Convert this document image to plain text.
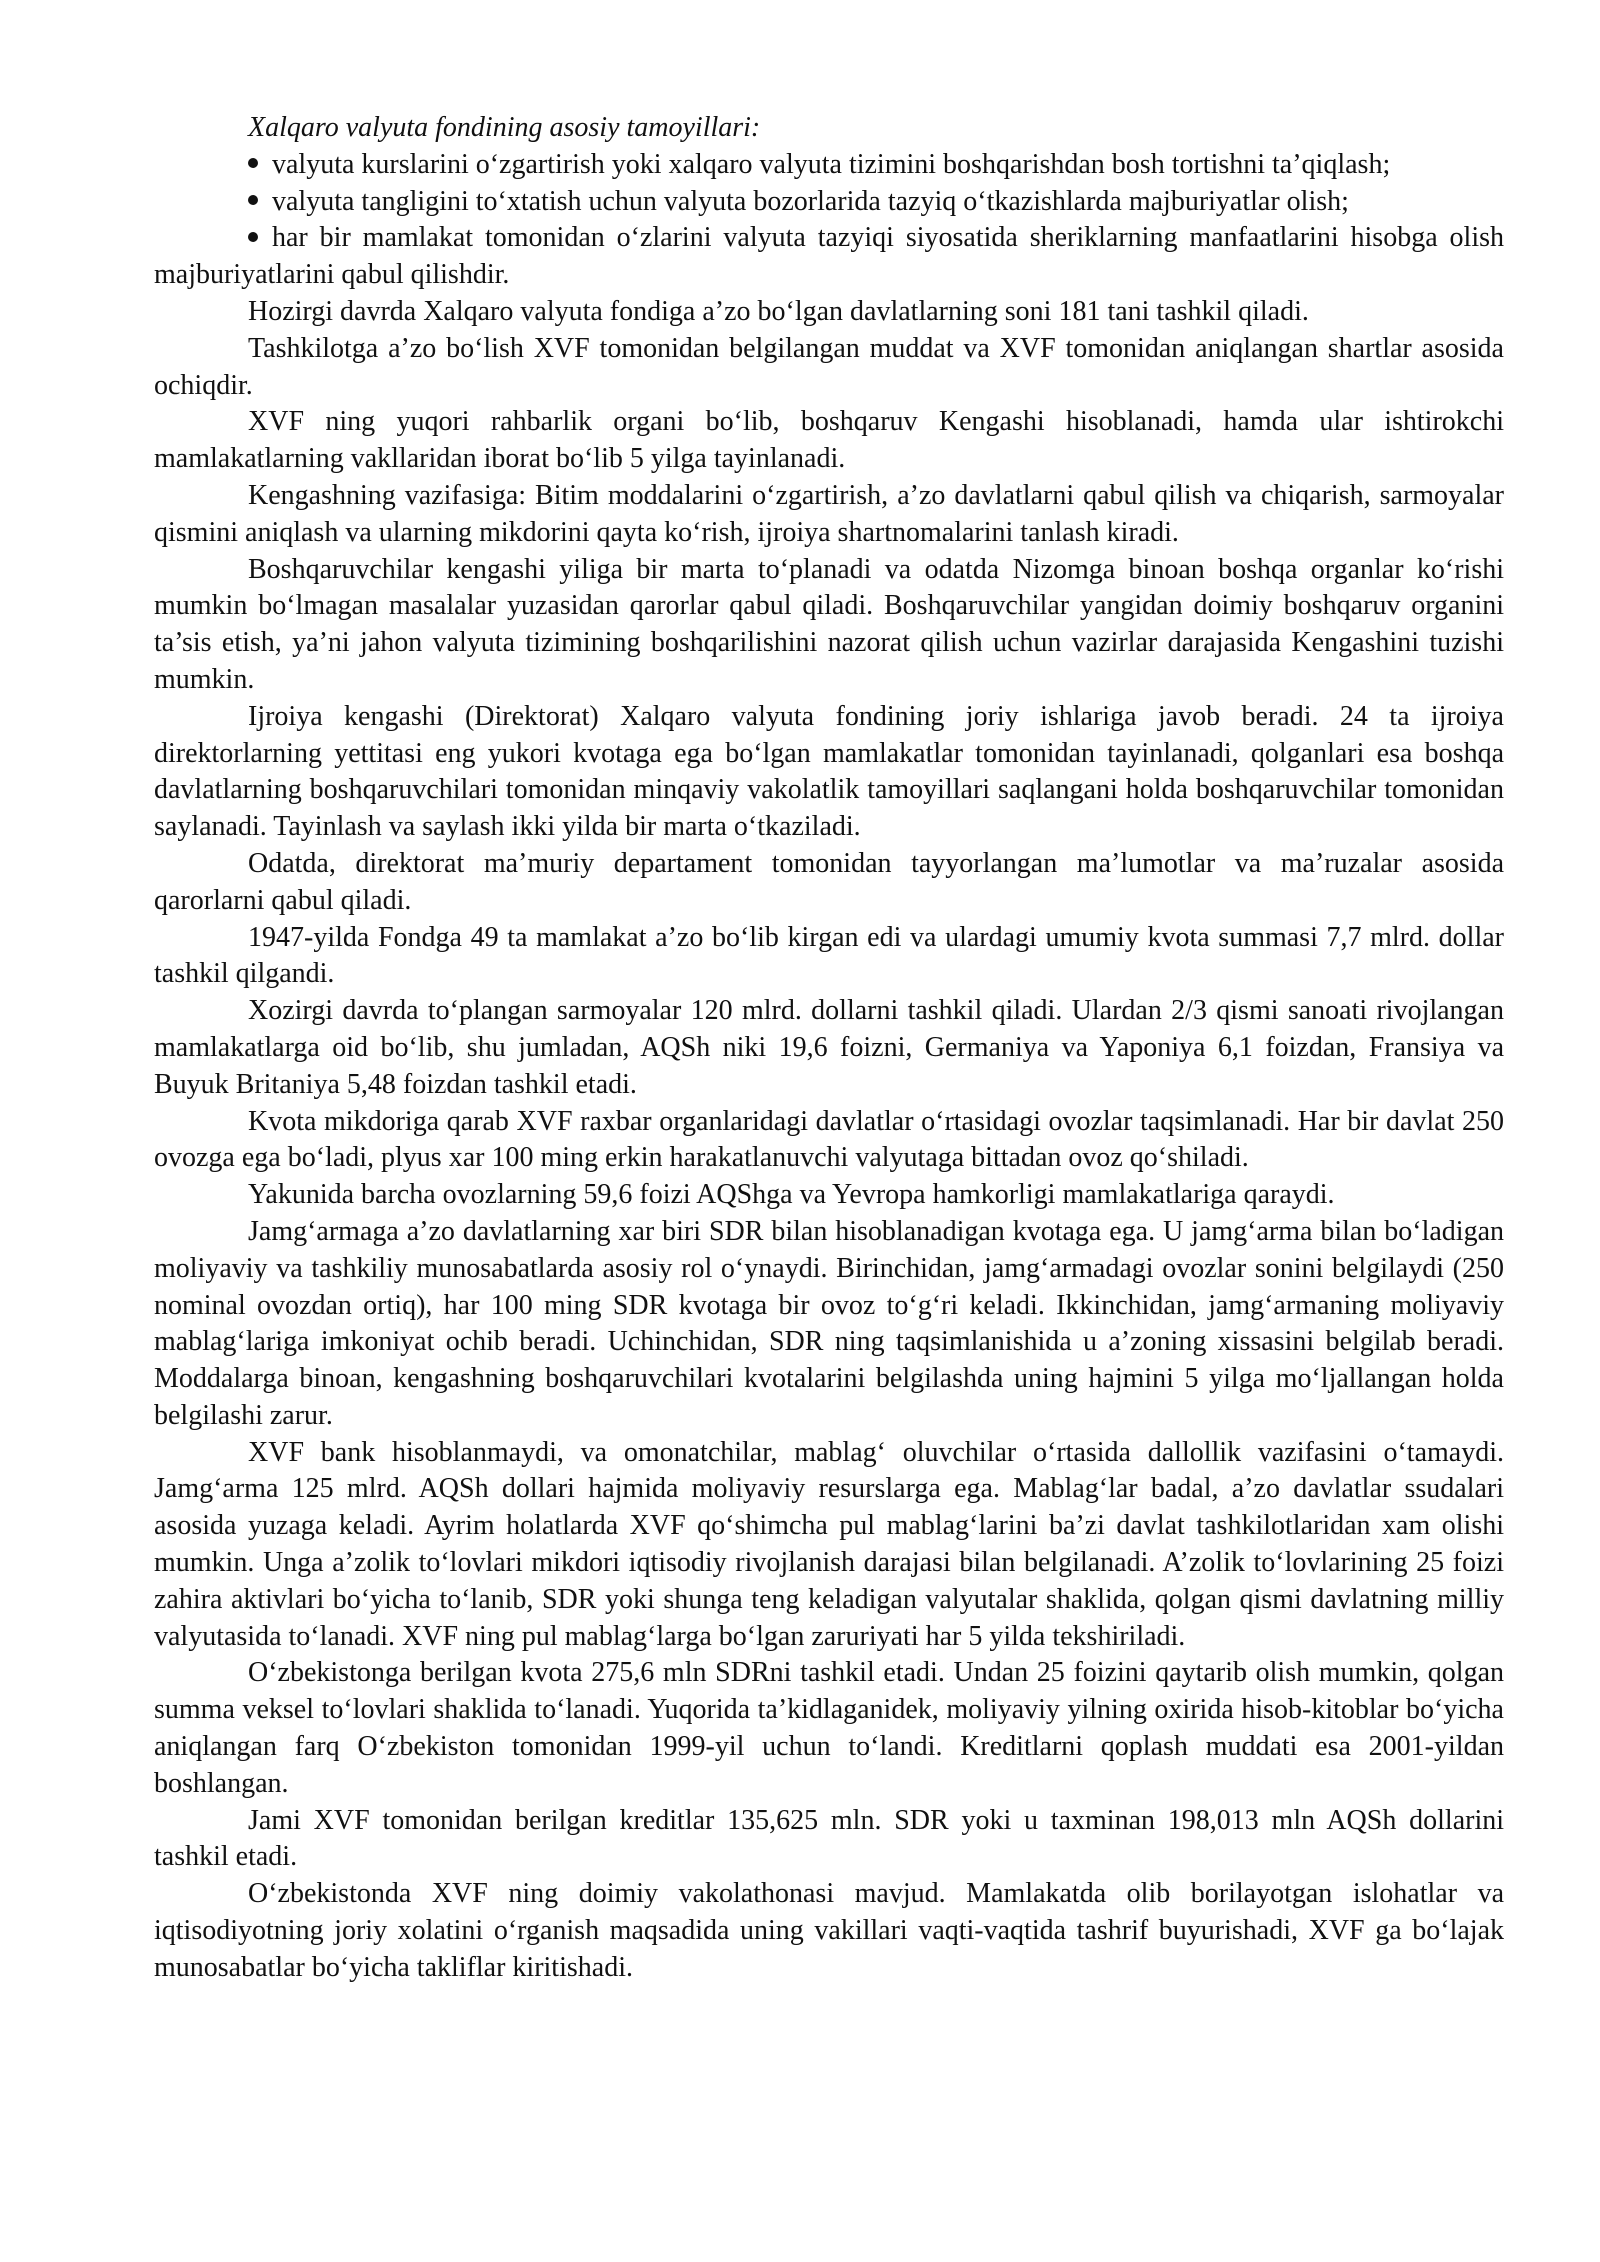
Xalqaro valyuta fondining asosiy tamoyillari:

valyuta kurslarini o‘zgartirish yoki xalqaro valyuta tizimini boshqarishdan bosh tortishni ta’qiqlash;
valyuta tangligini to‘xtatish uchun valyuta bozorlarida tazyiq o‘tkazishlarda majburiyatlar olish;
har bir mamlakat tomonidan o‘zlarini valyuta tazyiqi siyosatida sheriklarning manfaatlarini hisobga olish majburiyatlarini qabul qilishdir.

Hozirgi davrda Xalqaro valyuta fondiga a’zo bo‘lgan davlatlarning soni 181 tani tashkil qiladi.

Tashkilotga a’zo bo‘lish XVF tomonidan belgilangan muddat va XVF tomonidan aniqlangan shartlar asosida ochiqdir.

XVF ning yuqori rahbarlik organi bo‘lib, boshqaruv Kengashi hisoblanadi, hamda ular ishtirokchi mamlakatlarning vakllaridan iborat bo‘lib 5 yilga tayinlanadi.

Kengashning vazifasiga: Bitim moddalarini o‘zgartirish, a’zo davlatlarni qabul qilish va chiqarish, sarmoyalar qismini aniqlash va ularning mikdorini qayta ko‘rish, ijroiya shartnomalarini tanlash kiradi.

Boshqaruvchilar kengashi yiliga bir marta to‘planadi va odatda Nizomga binoan boshqa organlar ko‘rishi mumkin bo‘lmagan masalalar yuzasidan qarorlar qabul qiladi. Boshqaruvchilar yangidan doimiy boshqaruv organini ta’sis etish, ya’ni jahon valyuta tizimining boshqarilishini nazorat qilish uchun vazirlar darajasida Kengashini tuzishi mumkin.

Ijroiya kengashi (Direktorat) Xalqaro valyuta fondining joriy ishlariga javob beradi. 24 ta ijroiya direktorlarning yettitasi eng yukori kvotaga ega bo‘lgan mamlakatlar tomonidan tayinlanadi, qolganlari esa boshqa davlatlarning boshqaruvchilari tomonidan minqaviy vakolatlik tamoyillari saqlangani holda boshqaruvchilar tomonidan saylanadi. Tayinlash va saylash ikki yilda bir marta o‘tkaziladi.

Odatda, direktorat ma’muriy departament tomonidan tayyorlangan ma’lumotlar va ma’ruzalar asosida qarorlarni qabul qiladi.

1947-yilda Fondga 49 ta mamlakat a’zo bo‘lib kirgan edi va ulardagi umumiy kvota summasi 7,7 mlrd. dollar tashkil qilgandi.

Xozirgi davrda to‘plangan sarmoyalar 120 mlrd. dollarni tashkil qiladi. Ulardan 2/3 qismi sanoati rivojlangan mamlakatlarga oid bo‘lib, shu jumladan, AQSh niki 19,6 foizni, Germaniya va Yaponiya 6,1 foizdan, Fransiya va Buyuk Britaniya 5,48 foizdan tashkil etadi.

Kvota mikdoriga qarab XVF raxbar organlaridagi davlatlar o‘rtasidagi ovozlar taqsimlanadi. Har bir davlat 250 ovozga ega bo‘ladi, plyus xar 100 ming erkin harakatlanuvchi valyutaga bittadan ovoz qo‘shiladi.

Yakunida barcha ovozlarning 59,6 foizi AQShga va Yevropa hamkorligi mamlakatlariga qaraydi.

Jamg‘armaga a’zo davlatlarning xar biri SDR bilan hisoblanadigan kvotaga ega. U jamg‘arma bilan bo‘ladigan moliyaviy va tashkiliy munosabatlarda asosiy rol o‘ynaydi. Birinchidan, jamg‘armadagi ovozlar sonini belgilaydi (250 nominal ovozdan ortiq), har 100 ming SDR kvotaga bir ovoz to‘g‘ri keladi. Ikkinchidan, jamg‘armaning moliyaviy mablag‘lariga imkoniyat ochib beradi. Uchinchidan, SDR ning taqsimlanishida u a’zoning xissasini belgilab beradi. Moddalarga binoan, kengashning boshqaruvchilari kvotalarini belgilashda uning hajmini 5 yilga mo‘ljallangan holda belgilashi zarur.

XVF bank hisoblanmaydi, va omonatchilar, mablag‘ oluvchilar o‘rtasida dallollik vazifasini o‘tamaydi. Jamg‘arma 125 mlrd. AQSh dollari hajmida moliyaviy resurslarga ega. Mablag‘lar badal, a’zo davlatlar ssudalari asosida yuzaga keladi. Ayrim holatlarda XVF qo‘shimcha pul mablag‘larini ba’zi davlat tashkilotlaridan xam olishi mumkin. Unga a’zolik to‘lovlari mikdori iqtisodiy rivojlanish darajasi bilan belgilanadi. A’zolik to‘lovlarining 25 foizi zahira aktivlari bo‘yicha to‘lanib, SDR yoki shunga teng keladigan valyutalar shaklida, qolgan qismi davlatning milliy valyutasida to‘lanadi. XVF ning pul mablag‘larga bo‘lgan zaruriyati har 5 yilda tekshiriladi.

O‘zbekistonga berilgan kvota 275,6 mln SDRni tashkil etadi. Undan 25 foizini qaytarib olish mumkin, qolgan summa veksel to‘lovlari shaklida to‘lanadi. Yuqorida ta’kidlaganidek, moliyaviy yilning oxirida hisob-kitoblar bo‘yicha aniqlangan farq O‘zbekiston tomonidan 1999-yil uchun to‘landi. Kreditlarni qoplash muddati esa 2001-yildan boshlangan.

Jami XVF tomonidan berilgan kreditlar 135,625 mln. SDR yoki u taxminan 198,013 mln AQSh dollarini tashkil etadi.

O‘zbekistonda XVF ning doimiy vakolathonasi mavjud. Mamlakatda olib borilayotgan islohatlar va iqtisodiyotning joriy xolatini o‘rganish maqsadida uning vakillari vaqti-vaqtida tashrif buyurishadi, XVF ga bo‘lajak munosabatlar bo‘yicha takliflar kiritishadi.
